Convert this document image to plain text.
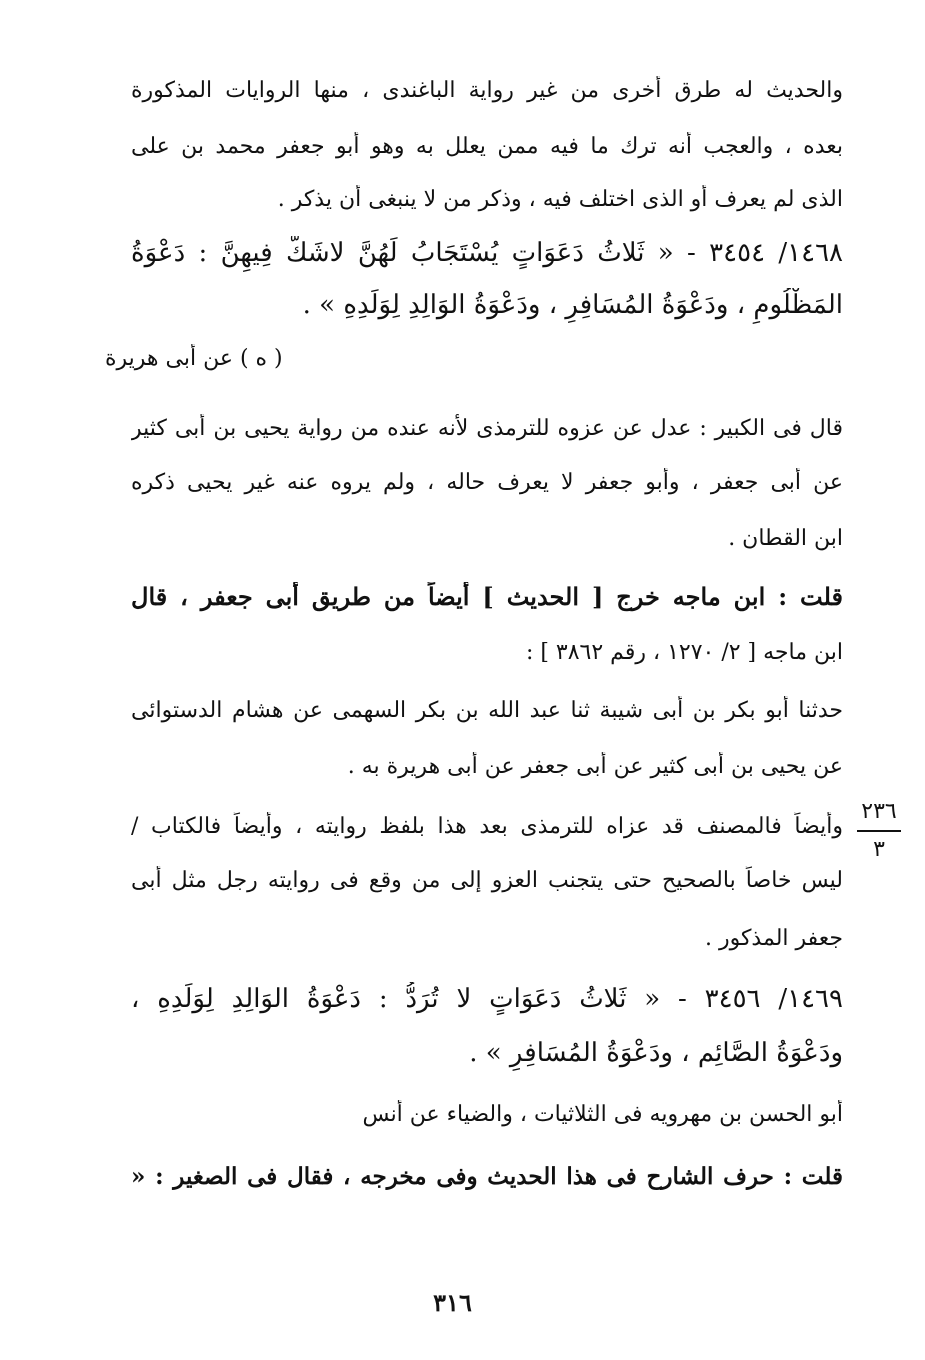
والحديث له طرق أخرى من غير رواية الباغندى ، منها الروايات المذكورة
بعده ، والعجب أنه ترك ما فيه ممن يعلل به وهو أبو جعفر محمد بن على
الذى لم يعرف أو الذى اختلف فيه ، وذكر من لا ينبغى أن يذكر .
١٤٦٨/ ٣٤٥٤ - « ثَلاثُ دَعَوَاتٍ يُسْتَجَابُ لَهُنَّ لاشَكَّ فِيهِنَّ : دَعْوَةُ
المَظْلُومِ ، ودَعْوَةُ المُسَافِرِ ، ودَعْوَةُ الوَالِدِ لِوَلَدِهِ » .
( ه ) عن أبى هريرة
قال فى الكبير : عدل عن عزوه للترمذى لأنه عنده من رواية يحيى بن أبى كثير
عن أبى جعفر ، وأبو جعفر لا يعرف حاله ، ولم يروه عنه غير يحيى ذكره
ابن القطان .
قلت : ابن ماجه خرج [ الحديث ] أيضاً من طريق أبى جعفر ، قال
ابن ماجه [ ٢/ ١٢٧٠ ، رقم ٣٨٦٢ ] :
حدثنا أبو بكر بن أبى شيبة ثنا عبد الله بن بكر السهمى عن هشام الدستوائى
عن يحيى بن أبى كثير عن أبى جعفر عن أبى هريرة به .
وأيضاً فالمصنف قد عزاه للترمذى بعد هذا بلفظ روايته ، وأيضاً فالكتاب /
ليس خاصاً بالصحيح حتى يتجنب العزو إلى من وقع فى روايته رجل مثل أبى
جعفر المذكور .
١٤٦٩/ ٣٤٥٦ - « ثَلاثُ دَعَوَاتٍ لا تُرَدُّ : دَعْوَةُ الوَالِدِ لِوَلَدِهِ ،
ودَعْوَةُ الصَّائِم ، ودَعْوَةُ المُسَافِرِ » .
أبو الحسن بن مهرويه فى الثلاثيات ، والضياء عن أنس
قلت : حرف الشارح فى هذا الحديث وفى مخرجه ، فقال فى الصغير : «
٢٣٦
٣
٣١٦
